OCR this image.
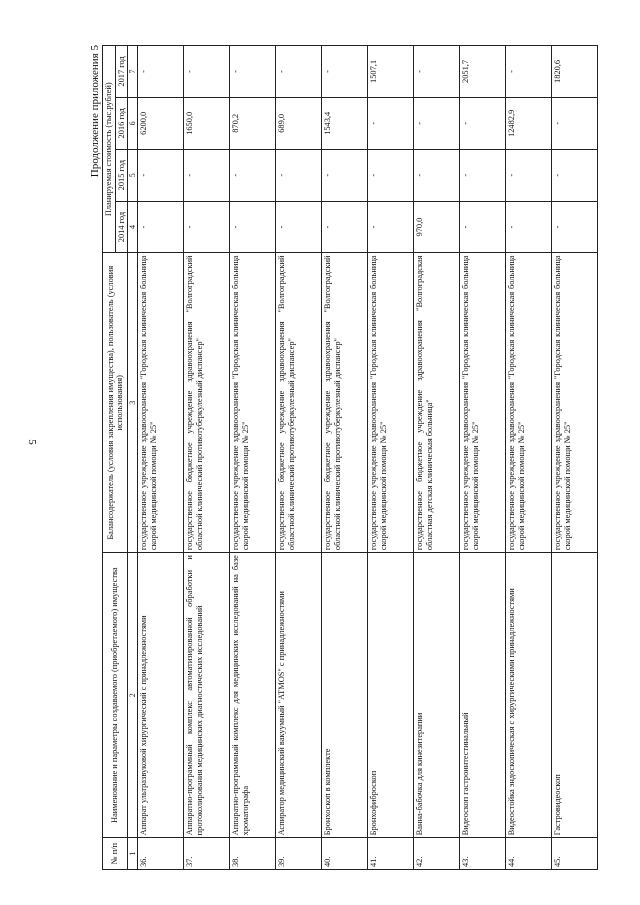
5
Продолжение приложения 5
№ п/п	Наименование и параметры создаваемого (приобретаемого) имущества	Балансодержатель (условия закрепления имущества), пользователь (условия использования)	Планируемая стоимость (тыс.рублей)			
			2014 год	2015 год	2016 год	2017 год
1	2	3	4	5	6	7
36.	Аппарат ультразвуковой хирургический с принадлежностями	государственное учреждение здравоохранения "Городская клиническая больница скорой медицинской помощи № 25"	-	-	6200,0	-
37.	Аппаратно-программный комплекс автоматизированной обработки и протоколирования медицинских диагностических исследований	государственное бюджетное учреждение здравоохранения "Волгоградский областной клинический противотуберкулезный диспансер"	-	-	1650,0	-
38.	Аппаратно-программный комплекс для медицинских исследований на базе хроматографа	государственное учреждение здравоохранения "Городская клиническая больница скорой медицинской помощи № 25"	-	-	870,2	-
39.	Аспиратор медицинский вакуумный "ATMOS" с принадлежностями	государственное бюджетное учреждение здравоохранения "Волгоградский областной клинический противотуберкулезный диспансер"	-	-	689,0	-
40.	Бронхоскоп в комплекте	государственное бюджетное учреждение здравоохранения "Волгоградский областной клинический противотуберкулезный диспансер"	-	-	1543,4	-
41.	Бронхофиброскоп	государственное учреждение здравоохранения "Городская клиническая больница скорой медицинской помощи № 25"	-	-	-	1507,1
42.	Ванна-бабочка для кинезитерапии	государственное бюджетное учреждение здравоохранения "Волгоградская областная детская клиническая больница"	970,0	-	-	-
43.	Видеоскоп гастроинтестинальный	государственное учреждение здравоохранения "Городская клиническая больница скорой медицинской помощи № 25"	-	-	-	2051,7
44.	Видеостойка эндоскопическая с хирургическими принадлежностями	государственное учреждение здравоохранения "Городская клиническая больница скорой медицинской помощи № 25"	-	-	12482,9	-
45.	Гастровидеоскоп	государственное учреждение здравоохранения "Городская клиническая больница скорой медицинской помощи № 25"	-	-	-	1820,6
